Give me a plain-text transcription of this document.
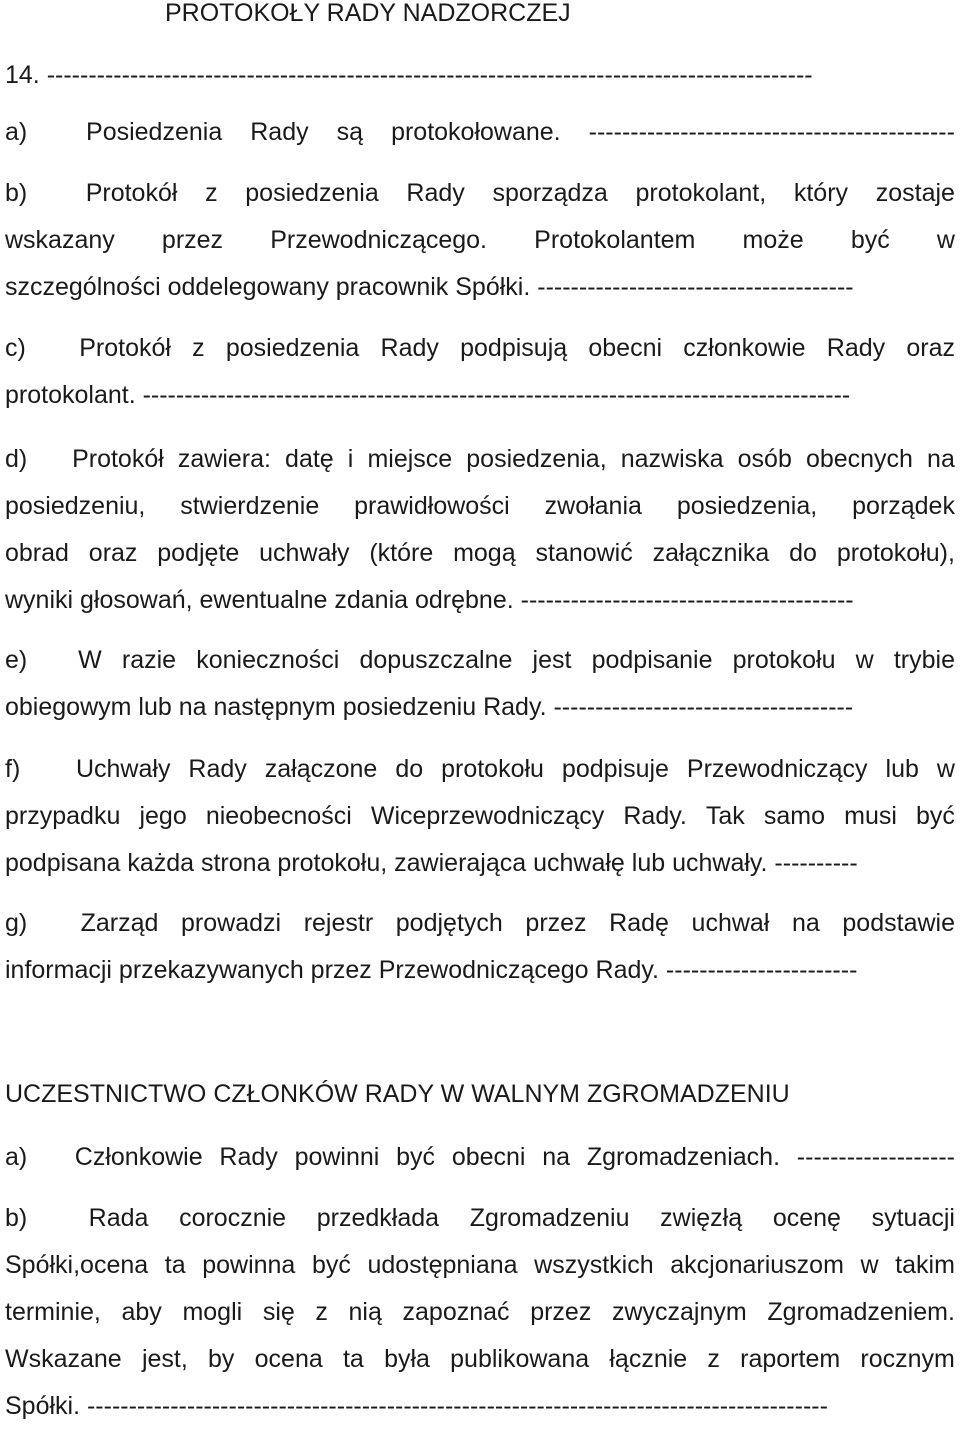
PROTOKOŁY RADY NADZORCZEJ
14. --------------------------------------------------------------------------------------------
a)	Posiedzenia Rady są protokołowane. --------------------------------------------
b)	Protokół z posiedzenia Rady sporządza protokolant, który zostaje
wskazany przez Przewodniczącego. Protokolantem może być w
szczególności oddelegowany pracownik Spółki. --------------------------------------
c)	Protokół z posiedzenia Rady podpisują obecni członkowie Rady oraz
protokolant. -------------------------------------------------------------------------------------
d)	Protokół zawiera: datę i miejsce posiedzenia, nazwiska osób obecnych na
posiedzeniu, stwierdzenie prawidłowości zwołania posiedzenia, porządek
obrad oraz podjęte uchwały (które mogą stanowić załącznika do protokołu),
wyniki głosowań, ewentualne zdania odrębne. ----------------------------------------
e)	W razie konieczności dopuszczalne jest podpisanie protokołu w trybie
obiegowym lub na następnym posiedzeniu Rady. ------------------------------------
f)	Uchwały Rady załączone do protokołu podpisuje Przewodniczący lub w
przypadku jego nieobecności Wiceprzewodniczący Rady. Tak samo musi być
podpisana każda strona protokołu, zawierająca uchwałę lub uchwały. ----------
g)	Zarząd prowadzi rejestr podjętych przez Radę uchwał na podstawie
informacji przekazywanych przez Przewodniczącego Rady. -----------------------
UCZESTNICTWO CZŁONKÓW RADY W WALNYM ZGROMADZENIU
a)	Członkowie Rady powinni być obecni na Zgromadzeniach. -------------------
b)	Rada corocznie przedkłada Zgromadzeniu zwięzłą ocenę sytuacji
Spółki,ocena ta powinna być udostępniana wszystkich akcjonariuszom w takim
terminie, aby mogli się z nią zapoznać przez zwyczajnym Zgromadzeniem.
Wskazane jest, by ocena ta była publikowana łącznie z raportem rocznym
Spółki. -----------------------------------------------------------------------------------------
